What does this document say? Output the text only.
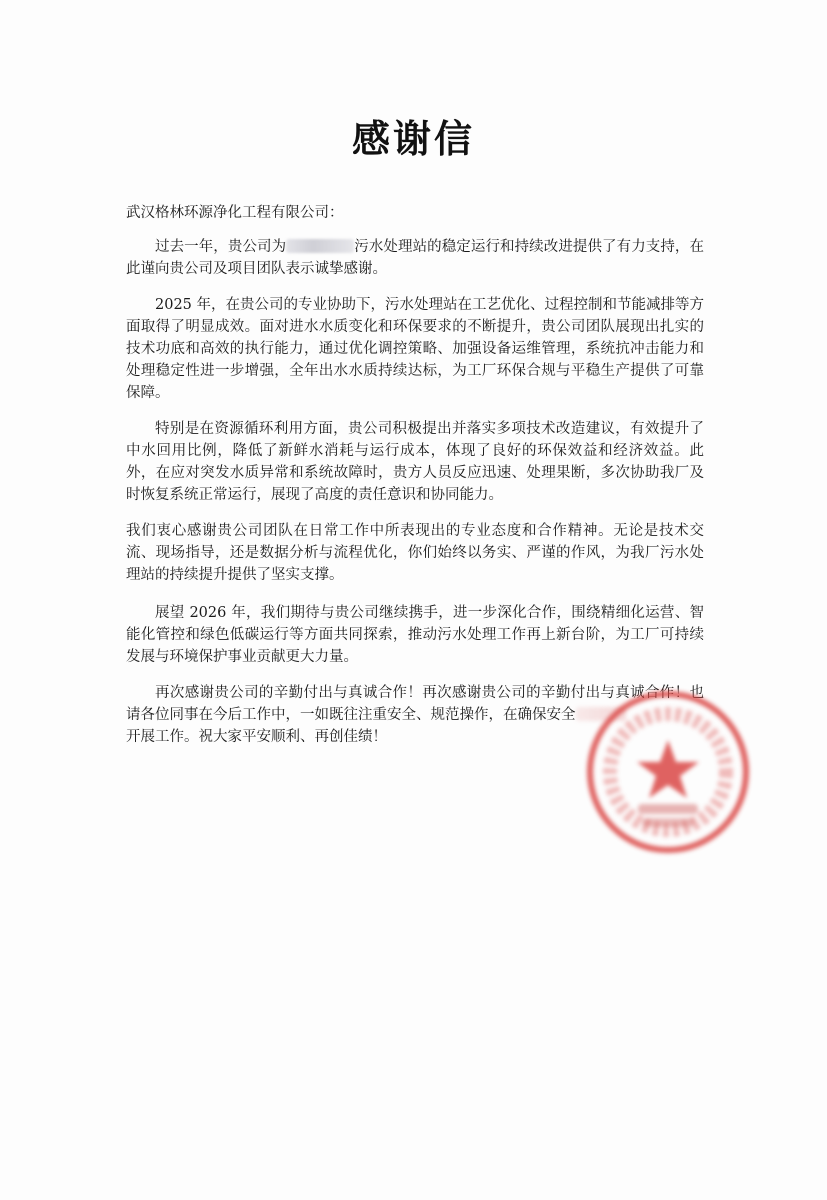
感谢信
武汉格林环源净化工程有限公司：

过去一年，贵公司为	污水处理站的稳定运行和持续改进提供了有力支持，在此谨向贵公司及项目团队表示诚挚感谢。

2025 年，在贵公司的专业协助下，污水处理站在工艺优化、过程控制和节能减排等方面取得了明显成效。面对进水水质变化和环保要求的不断提升，贵公司团队展现出扎实的技术功底和高效的执行能力，通过优化调控策略、加强设备运维管理，系统抗冲击能力和处理稳定性进一步增强，全年出水水质持续达标，为工厂环保合规与平稳生产提供了可靠保障。

特别是在资源循环利用方面，贵公司积极提出并落实多项技术改造建议，有效提升了中水回用比例，降低了新鲜水消耗与运行成本，体现了良好的环保效益和经济效益。此外，在应对突发水质异常和系统故障时，贵方人员反应迅速、处理果断，多次协助我厂及时恢复系统正常运行，展现了高度的责任意识和协同能力。

我们衷心感谢贵公司团队在日常工作中所表现出的专业态度和合作精神。无论是技术交流、现场指导，还是数据分析与流程优化，你们始终以务实、严谨的作风，为我厂污水处理站的持续提升提供了坚实支撑。

展望 2026 年，我们期待与贵公司继续携手，进一步深化合作，围绕精细化运营、智能化管控和绿色低碳运行等方面共同探索，推动污水处理工作再上新台阶，为工厂可持续发展与环境保护事业贡献更大力量。

再次感谢贵公司的辛勤付出与真诚合作！再次感谢贵公司的辛勤付出与真诚合作！也请各位同事在今后工作中，一如既往注重安全、规范操作，在确保安全
开展工作。祝大家平安顺利、再创佳绩！
